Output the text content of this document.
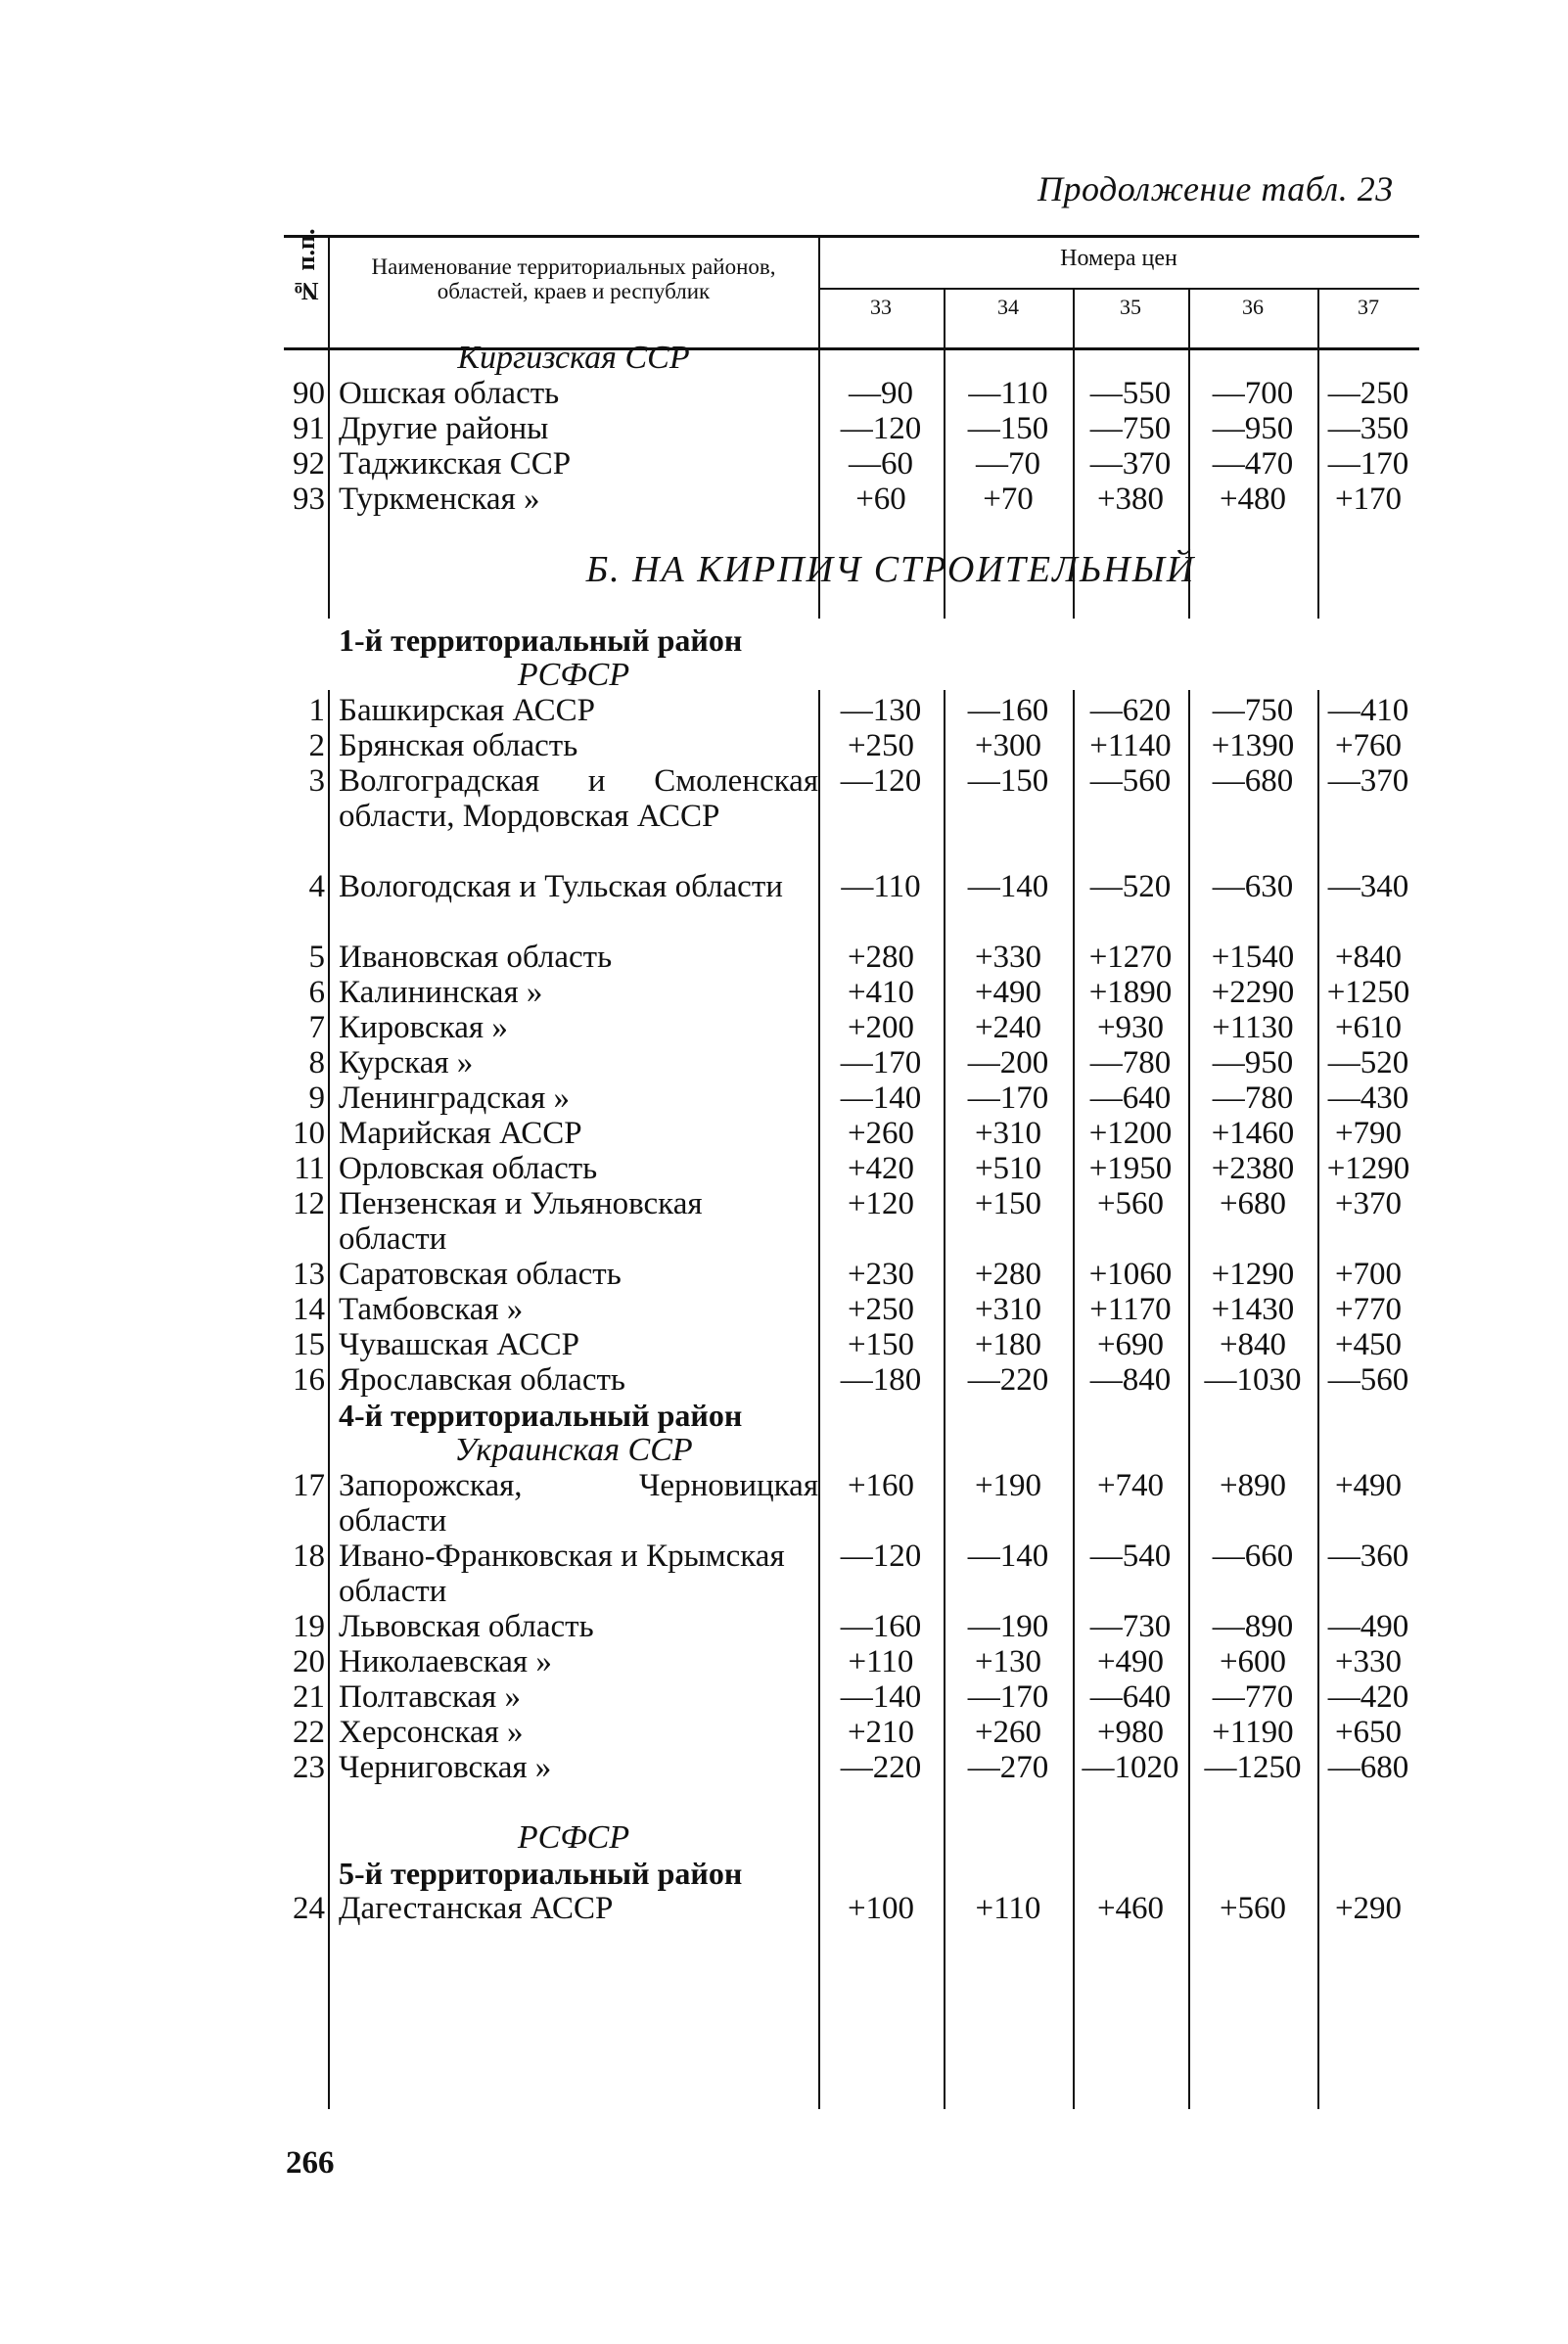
Продолжение табл. 23
№ п.п.	Наименование территориальных районов, областей, краев и республик
Номера цен
33	34	35	36	37
Киргизская ССР
90 Ошская область	—90	—110	—550	—700	—250
91 Другие районы	—120	—150	—750	—950	—350
92 Таджикская ССР	—60	—70	—370	—470	—170
93 Туркменская »	+60	+70	+380	+480	+170
Б. НА КИРПИЧ СТРОИТЕЛЬНЫЙ
1-й территориальный район
РСФСР
1 Башкирская АССР	—130	—160	—620	—750	—410
2 Брянская область	+250	+300	+1140	+1390	+760
3 Волгоградская и Смоленская области, Мордовская АССР
—120	—150	—560	—680	—370
4 Вологодская и Тульская области	—110	—140	—520	—630	—340
5 Ивановская область	+280	+330	+1270	+1540	+840
6 Калининская »	+410	+490	+1890	+2290	+1250
7 Кировская »	+200	+240	+930	+1130	+610
8 Курская »	—170	—200	—780	—950	—520
9 Ленинградская »	—140	—170	—640	—780	—430
10 Марийская АССР	+260	+310	+1200	+1460	+790
11 Орловская область	+420	+510	+1950	+2380	+1290
12 Пензенская и Ульяновская области
+120	+150	+560	+680	+370
13 Саратовская область	+230	+280	+1060	+1290	+700
14 Тамбовская »	+250	+310	+1170	+1430	+770
15 Чувашская АССР	+150	+180	+690	+840	+450
16 Ярославская область	—180	—220	—840	—1030 —560
4-й территориальный район
Украинская ССР
17 Запорожская, Черновицкая области
+160	+190	+740	+890	+490
18 Ивано-Франковская и Крымская области
—120	—140	—540	—660	—360
19 Львовская область	—160	—190	—730	—890	—490
20 Николаевская »	+110	+130	+490	+600	+330
21 Полтавская »	—140	—170	—640	—770	—420
22 Херсонская »	+210	+260	+980	+1190	+650
23 Черниговская »	—220	—270	—1020 —1250 —680
РСФСР
5-й территориальный район
24 Дагестанская АССР	+100	+110	+460	+560	+290
266
